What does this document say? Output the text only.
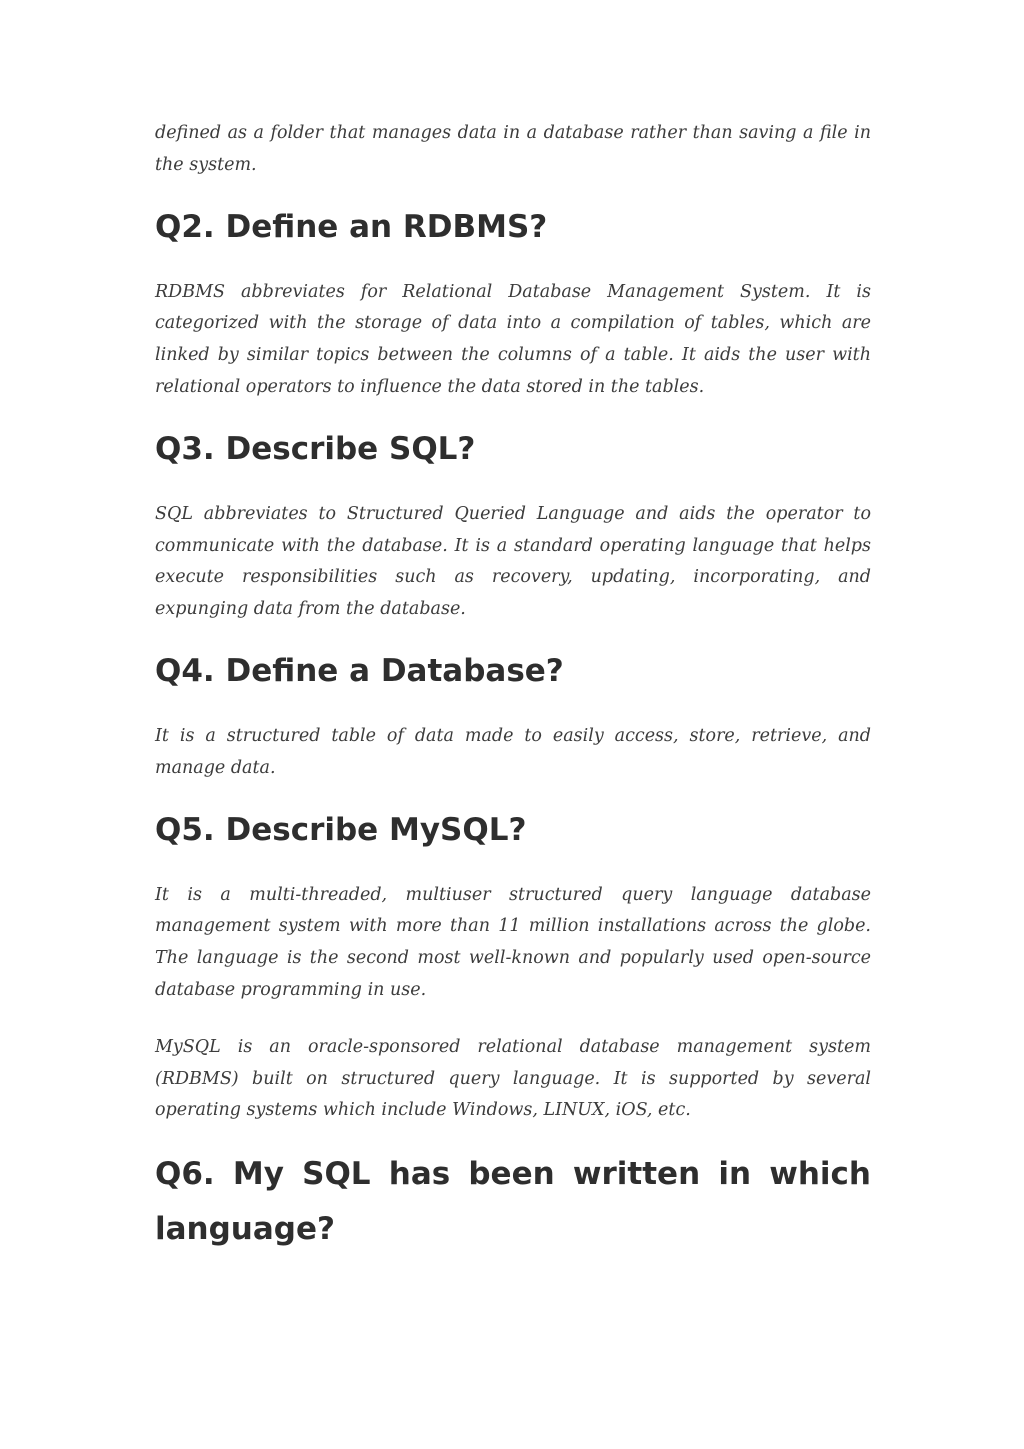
defined as a folder that manages data in a database rather than saving a file in the system.

Q2. Define an RDBMS?

RDBMS abbreviates for Relational Database Management System. It is categorized with the storage of data into a compilation of tables, which are linked by similar topics between the columns of a table. It aids the user with relational operators to influence the data stored in the tables.

Q3. Describe SQL?

SQL abbreviates to Structured Queried Language and aids the operator to communicate with the database. It is a standard operating language that helps execute responsibilities such as recovery, updating, incorporating, and expunging data from the database.

Q4. Define a Database?

It is a structured table of data made to easily access, store, retrieve, and manage data.

Q5. Describe MySQL?

It is a multi-threaded, multiuser structured query language database management system with more than 11 million installations across the globe. The language is the second most well-known and popularly used open-source database programming in use.

MySQL is an oracle-sponsored relational database management system (RDBMS) built on structured query language. It is supported by several operating systems which include Windows, LINUX, iOS, etc.

Q6. My SQL has been written in which language?
